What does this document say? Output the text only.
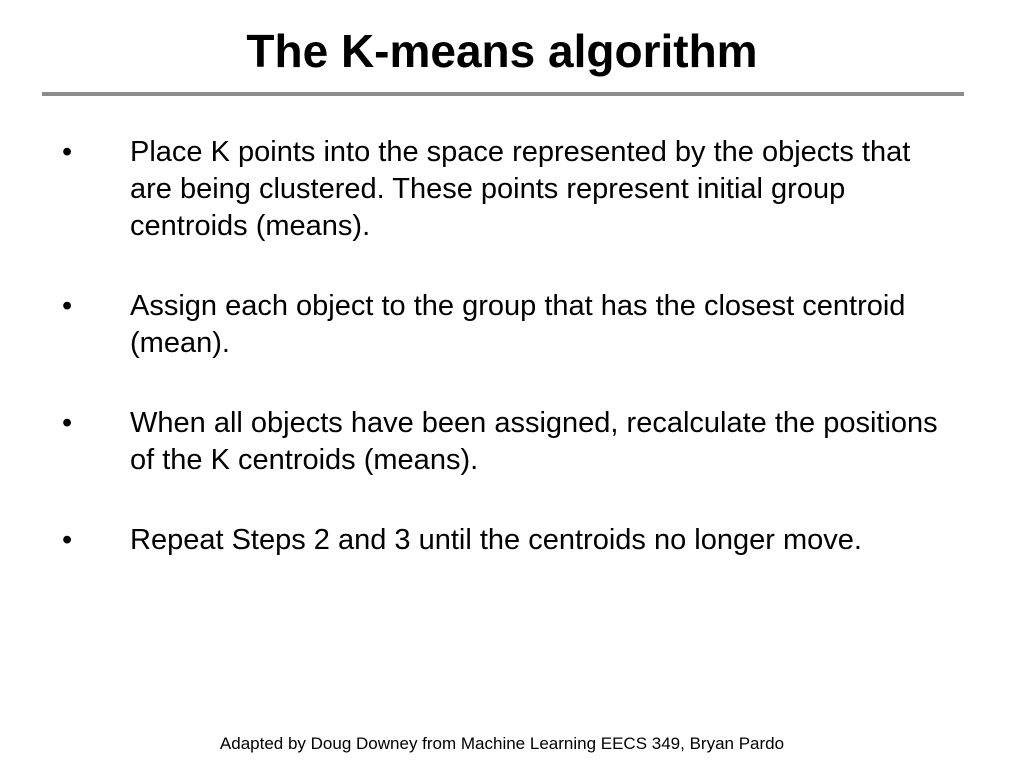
The K-means algorithm
• Place K points into the space represented by the objects that are being clustered. These points represent initial group centroids (means).
• Assign each object to the group that has the closest centroid (mean).
• When all objects have been assigned, recalculate the positions of the K centroids (means).
• Repeat Steps 2 and 3 until the centroids no longer move.
Adapted by Doug Downey from Machine Learning EECS 349, Bryan Pardo
